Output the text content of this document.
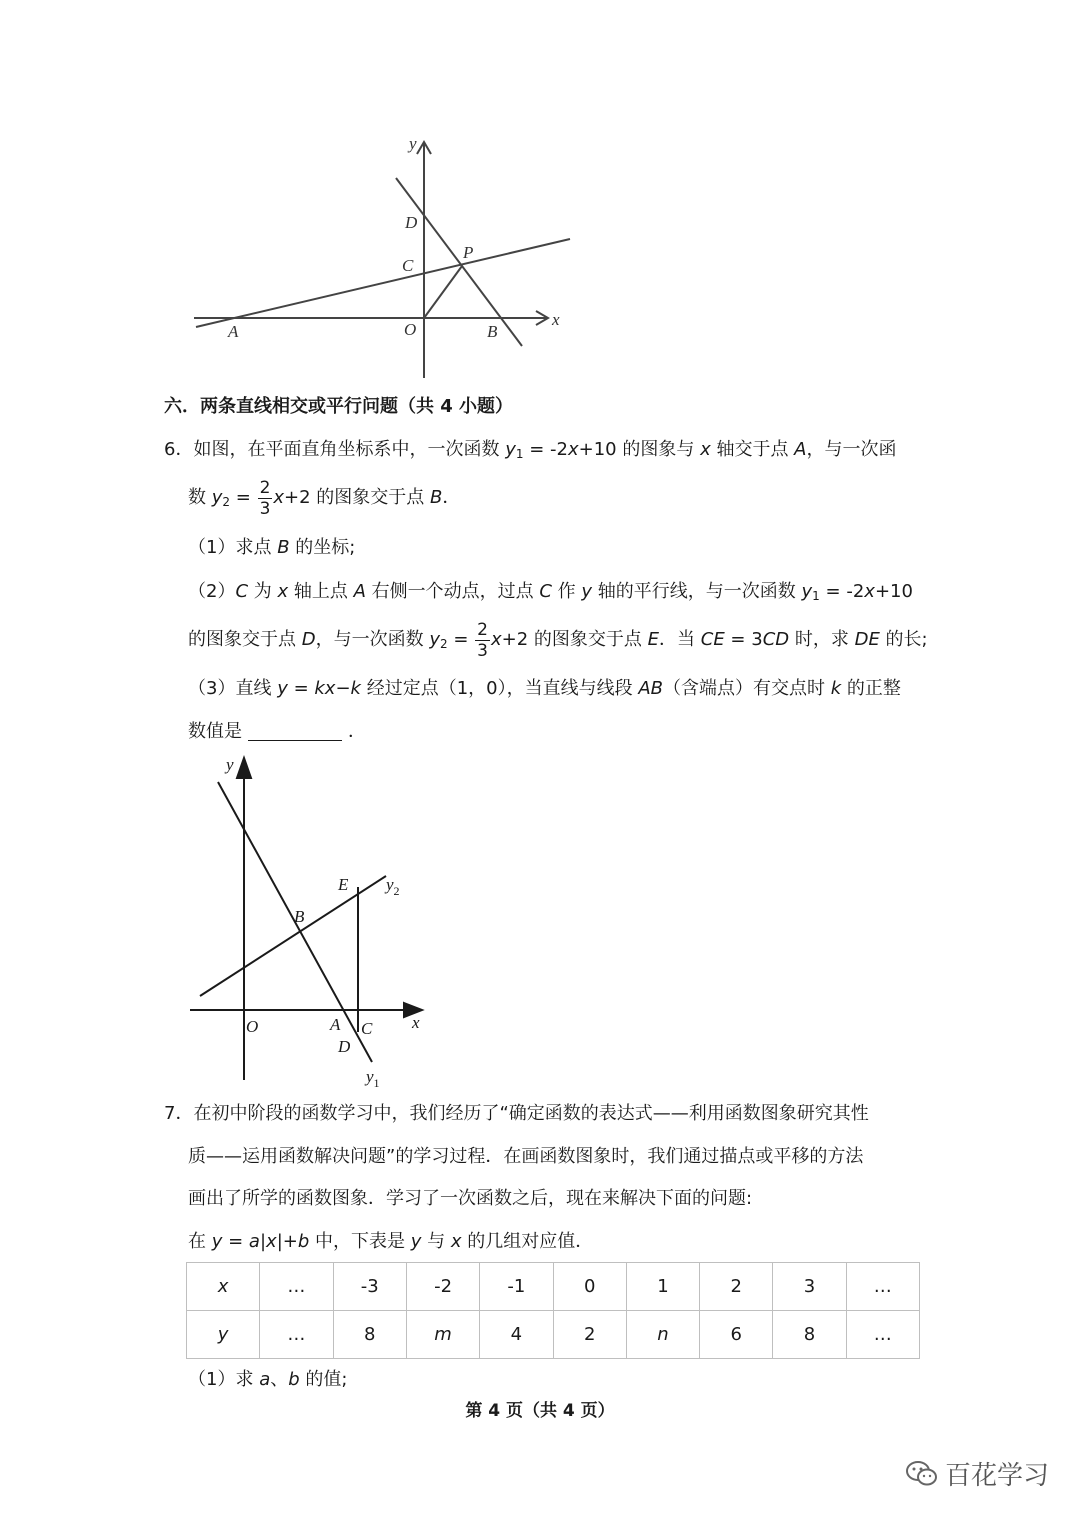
y
x
D
C
P
A	O	B
六．两条直线相交或平行问题（共 4 小题）
6．如图，在平面直角坐标系中，一次函数 $y_1 = -2x+10$ 的图象与 x 轴交于点 A，与一次函
数 $y_2 = \frac{2}{3} x+2$ 的图象交于点 B．
（1）求点 B 的坐标;
（2）C 为 x 轴上点 A 右侧一个动点，过点 C 作 y 轴的平行线，与一次函数 $y_1 = -2x+10$
的图象交于点 D，与一次函数 $y_2 = \frac{2}{3} x+2$ 的图象交于点 E．当 CE = 3CD 时，求 DE 的长;
（3）直线 y = kx−k 经过定点（1，0），当直线与线段 AB（含端点）有交点时 k 的正整
数值是	．
y
x
E $y_2$
B
O	A C
D
$y_1$
7．在初中阶段的函数学习中，我们经历了“确定函数的表达式——利用函数图象研究其性
质——运用函数解决问题”的学习过程．在画函数图象时，我们通过描点或平移的方法
画出了所学的函数图象．学习了一次函数之后，现在来解决下面的问题:
在 y = a|x|+b 中，下表是 y 与 x 的几组对应值．
x	…	-3	-2	-1	0	1	2	3	…
y	…	8	m	4	2	n	6	8	…
（1）求 a、b 的值;
第 4 页（共 4 页）
百花学习
